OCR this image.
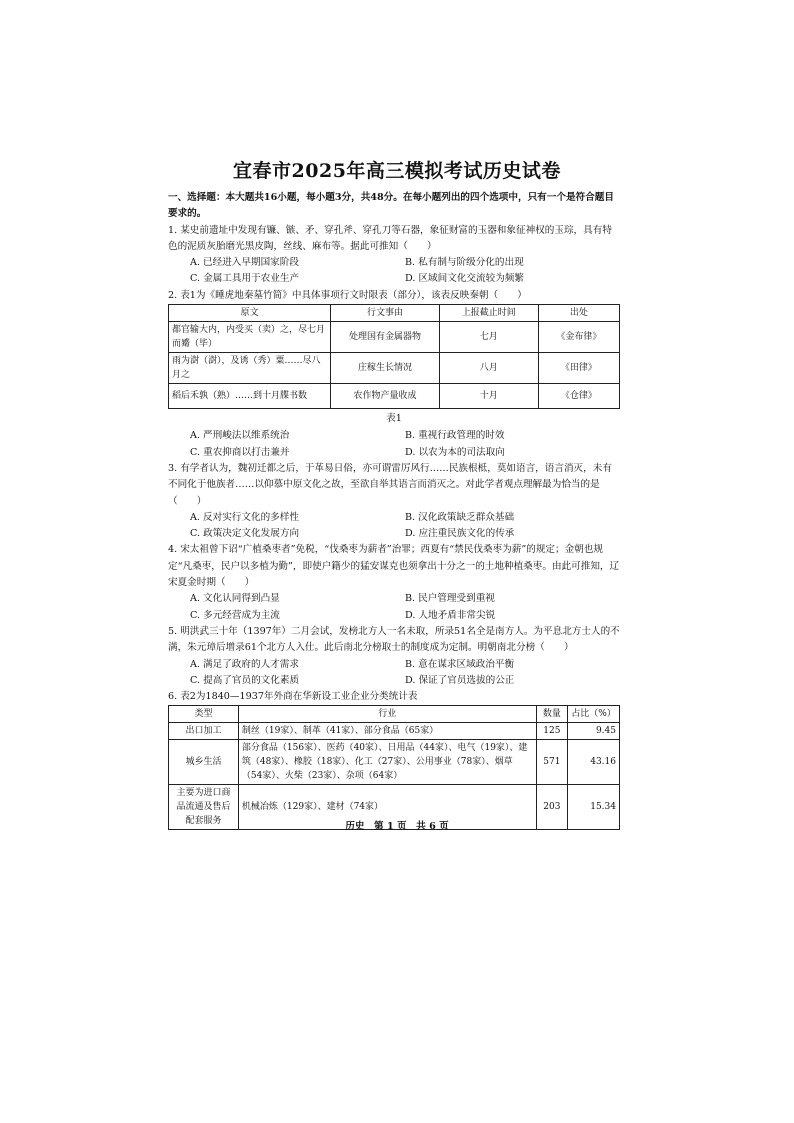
宜春市2025年高三模拟考试历史试卷

一、选择题：本大题共16小题，每小题3分，共48分。在每小题列出的四个选项中，只有一个是符合题目要求的。

1. 某史前遗址中发现有镰、镞、矛、穿孔斧、穿孔刀等石器，象征财富的玉器和象征神权的玉琮，具有特色的泥质灰胎磨光黑皮陶，丝线、麻布等。据此可推知（　　）

A. 已经进入早期国家阶段	B. 私有制与阶级分化的出现
C. 金属工具用于农业生产	D. 区域间文化交流较为频繁

2. 表1为《睡虎地秦墓竹简》中具体事项行文时限表（部分），该表反映秦朝（　　）

原文	行文事由	上报截止时间	出处
都官输大内，内受买（卖）之，尽七月而觱（毕）	处理国有金属器物	七月	《金布律》
雨为澍（澍），及诱（秀）粟……尽八月之	庄稼生长情况	八月	《田律》
稻后禾孰（熟）……到十月牒书数	农作物产量收成	十月	《仓律》
表1
A. 严刑峻法以维系统治	B. 重视行政管理的时效
C. 重农抑商以打击兼并	D. 以农为本的司法取向

3. 有学者认为，魏初迁都之后，于革易日俗，亦可谓雷厉风行……民族根柢，莫如语言，语言消灭，未有不同化于他族者……以仰慕中原文化之故，至欲自举其语言而消灭之。对此学者观点理解最为恰当的是（　　）

A. 反对实行文化的多样性	B. 汉化政策缺乏群众基础
C. 政策决定文化发展方向	D. 应注重民族文化的传承

4. 宋太祖曾下诏“广植桑枣者”免税，“伐桑枣为薪者”治罪；西夏有“禁民伐桑枣为薪”的规定；金朝也规定“凡桑枣，民户以多植为勤”，即使户籍少的猛安谋克也须拿出十分之一的土地种植桑枣。由此可推知，辽宋夏金时期（　　）

A. 文化认同得到凸显	B. 民户管理受到重视
C. 多元经营成为主流	D. 人地矛盾非常尖锐

5. 明洪武三十年（1397年）二月会试，发榜北方人一名未取，所录51名全是南方人。为平息北方士人的不满，朱元璋后增录61个北方人入仕。此后南北分榜取士的制度成为定制。明朝南北分榜（　　）

A. 满足了政府的人才需求	B. 意在谋求区域政治平衡
C. 提高了官员的文化素质	D. 保证了官员选拔的公正

6. 表2为1840—1937年外商在华新设工业企业分类统计表

类型	行业	数量	占比（%）
出口加工	制丝（19家）、制革（41家）、部分食品（65家）	125	9.45
城乡生活	部分食品（156家）、医药（40家）、日用品（44家）、电气（19家）、建筑（48家）、橡胶（18家）、化工（27家）、公用事业（78家）、烟草（54家）、火柴（23家）、杂项（64家）	571	43.16
主要为进口商品流通及售后配套服务	机械冶炼（129家）、建材（74家）	203	15.34
历史　第 1 页　共 6 页
